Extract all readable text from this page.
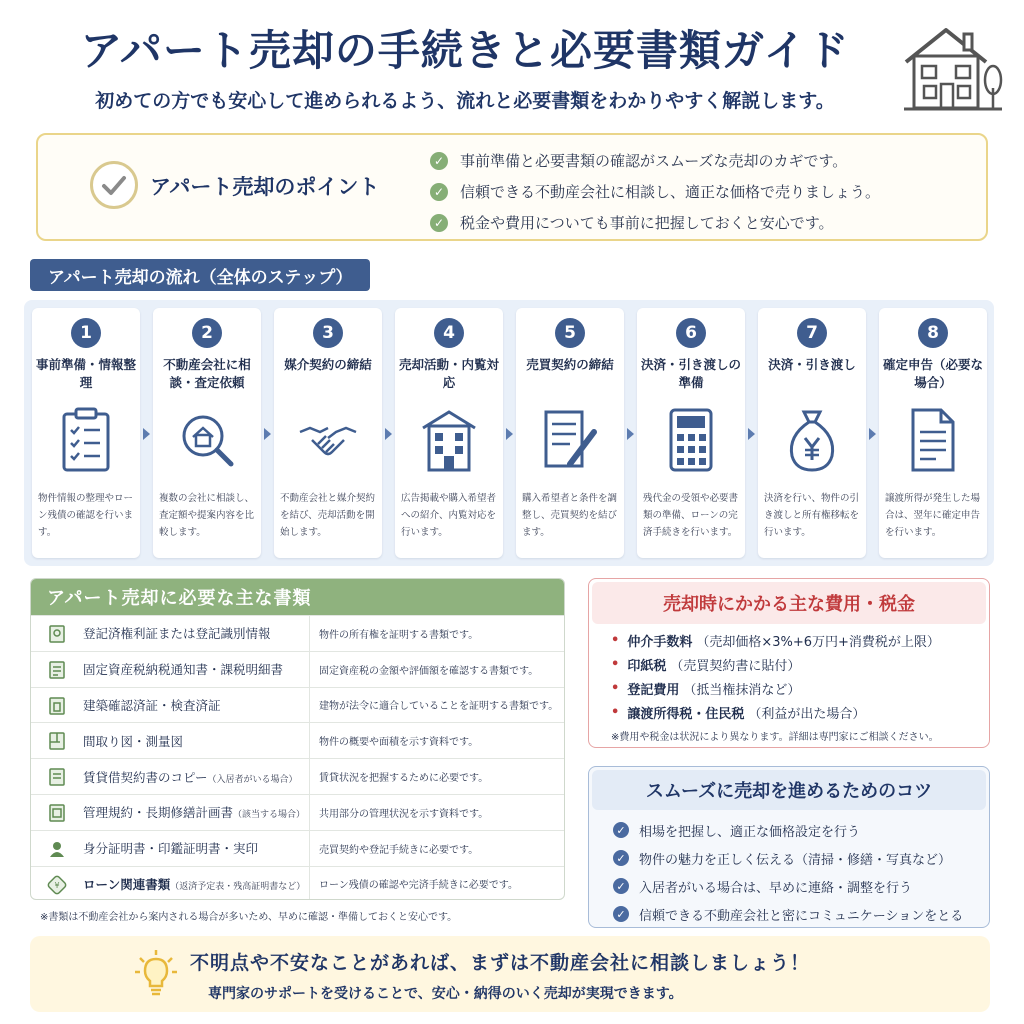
アパート売却の手続きと必要書類ガイド
初めての方でも安心して進められるよう、流れと必要書類をわかりやすく解説します。
アパート売却のポイント
✓ 事前準備と必要書類の確認がスムーズな売却のカギです。
✓ 信頼できる不動産会社に相談し、適正な価格で売りましょう。
✓ 税金や費用についても事前に把握しておくと安心です。
アパート売却の流れ（全体のステップ）
1
事前準備・情報整理
物件情報の整理やローン残債の確認を行います。
2
不動産会社に相談・査定依頼
複数の会社に相談し、査定額や提案内容を比較します。
3
媒介契約の締結
不動産会社と媒介契約を結び、売却活動を開始します。
4
売却活動・内覧対応
広告掲載や購入希望者への紹介、内覧対応を行います。
5
売買契約の締結
購入希望者と条件を調整し、売買契約を結びます。
6
決済・引き渡しの準備
残代金の受領や必要書類の準備、ローンの完済手続きを行います。
7
決済・引き渡し
決済を行い、物件の引き渡しと所有権移転を行います。
8
確定申告（必要な場合）
譲渡所得が発生した場合は、翌年に確定申告を行います。
アパート売却に必要な主な書類
登記済権利証または登記識別情報	物件の所有権を証明する書類です。
固定資産税納税通知書・課税明細書	固定資産税の金額や評価額を確認する書類です。
建築確認済証・検査済証	建物が法令に適合していることを証明する書類です。
間取り図・測量図	物件の概要や面積を示す資料です。
賃貸借契約書のコピー（入居者がいる場合）	賃貸状況を把握するために必要です。
管理規約・長期修繕計画書（該当する場合） 共用部分の管理状況を示す資料です。
身分証明書・印鑑証明書・実印	売買契約や登記手続きに必要です。
¥ ローン関連書類（返済予定表・残高証明書など） ローン残債の確認や完済手続きに必要です。
※書類は不動産会社から案内される場合が多いため、早めに確認・準備しておくと安心です。
売却時にかかる主な費用・税金
• 仲介手数料 （売却価格×3%+6万円+消費税が上限）
• 印紙税 （売買契約書に貼付）
• 登記費用 （抵当権抹消など）
• 譲渡所得税・住民税 （利益が出た場合）
※費用や税金は状況により異なります。詳細は専門家にご相談ください。
スムーズに売却を進めるためのコツ
✓ 相場を把握し、適正な価格設定を行う
✓ 物件の魅力を正しく伝える（清掃・修繕・写真など）
✓ 入居者がいる場合は、早めに連絡・調整を行う
✓ 信頼できる不動産会社と密にコミュニケーションをとる
不明点や不安なことがあれば、まずは不動産会社に相談しましょう！
専門家のサポートを受けることで、安心・納得のいく売却が実現できます。
